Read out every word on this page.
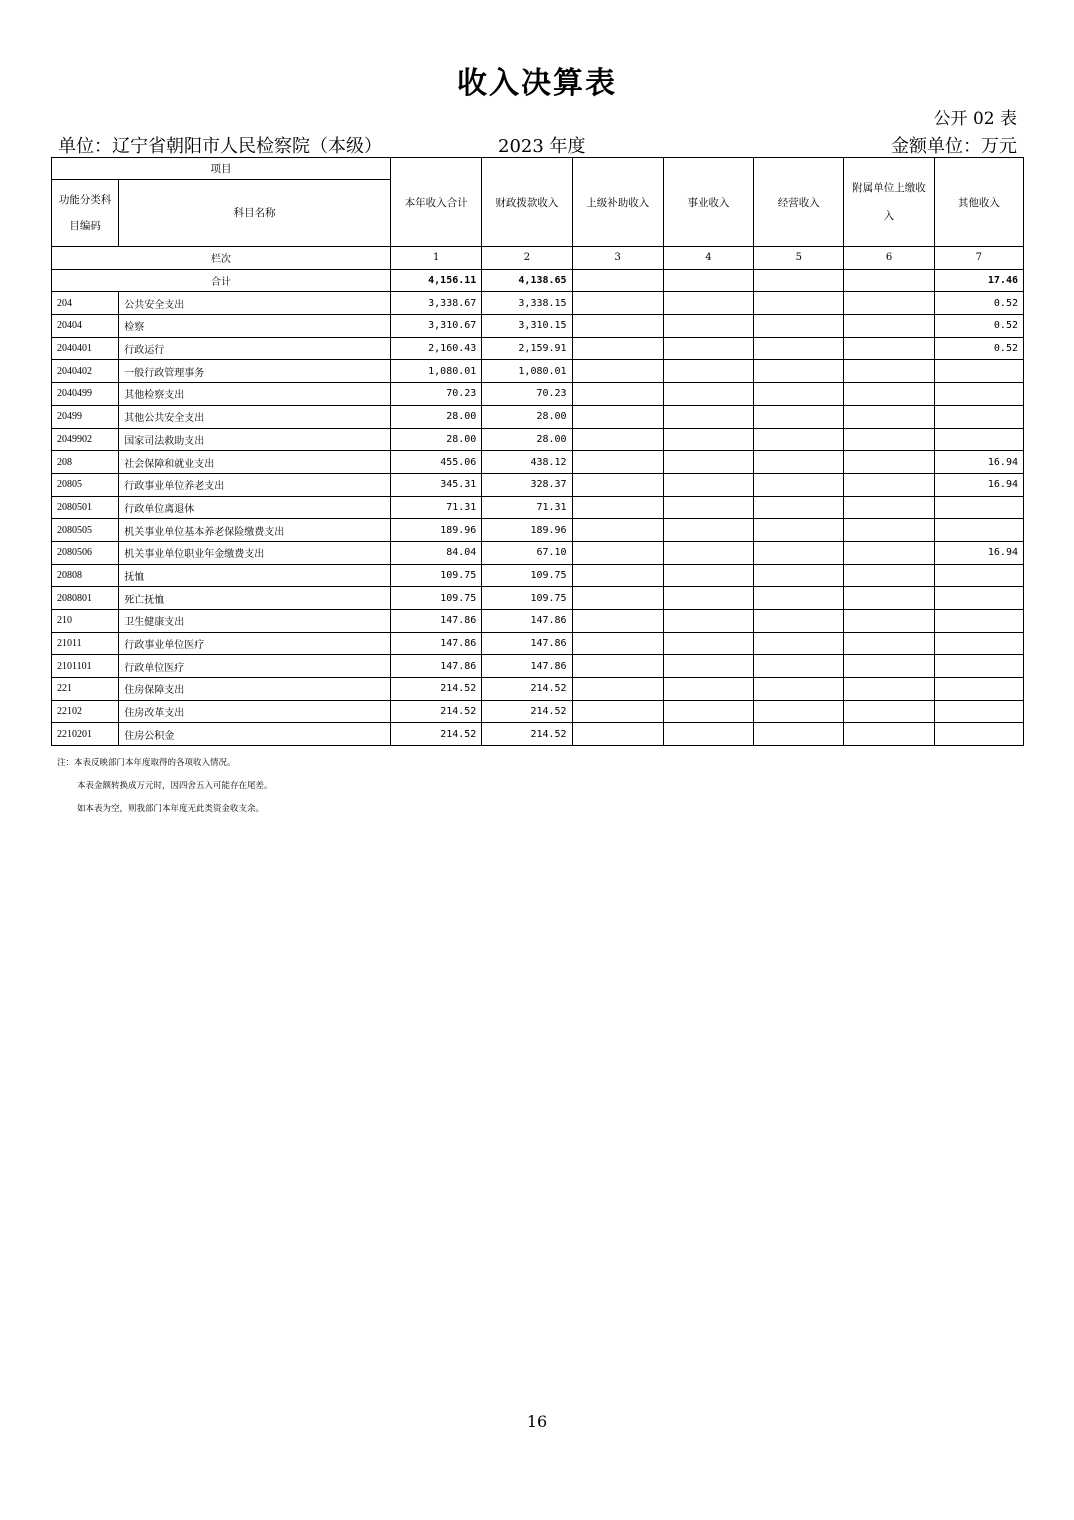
收入决算表
公开 02 表
单位：辽宁省朝阳市人民检察院（本级）	2023 年度	金额单位：万元
项目		本年收入合计	财政拨款收入	上级补助收入	事业收入	经营收入	附属单位上缴收入	其他收入
功能分类科目编码	科目名称							
栏次		1	2	3	4	5	6	7
合计		4,156.11	4,138.65					17.46
204	公共安全支出	3,338.67	3,338.15					0.52
20404	检察	3,310.67	3,310.15					0.52
2040401	行政运行	2,160.43	2,159.91					0.52
2040402	一般行政管理事务	1,080.01	1,080.01					
2040499	其他检察支出	70.23	70.23					
20499	其他公共安全支出	28.00	28.00					
2049902	国家司法救助支出	28.00	28.00					
208	社会保障和就业支出	455.06	438.12					16.94
20805	行政事业单位养老支出	345.31	328.37					16.94
2080501	行政单位离退休	71.31	71.31					
2080505	机关事业单位基本养老保险缴费支出	189.96	189.96					
2080506	机关事业单位职业年金缴费支出	84.04	67.10					16.94
20808	抚恤	109.75	109.75					
2080801	死亡抚恤	109.75	109.75					
210	卫生健康支出	147.86	147.86					
21011	行政事业单位医疗	147.86	147.86					
2101101	行政单位医疗	147.86	147.86					
221	住房保障支出	214.52	214.52					
22102	住房改革支出	214.52	214.52					
2210201	住房公积金	214.52	214.52					
注：本表反映部门本年度取得的各项收入情况。
本表金额转换成万元时，因四舍五入可能存在尾差。
如本表为空，则我部门本年度无此类资金收支余。
16
